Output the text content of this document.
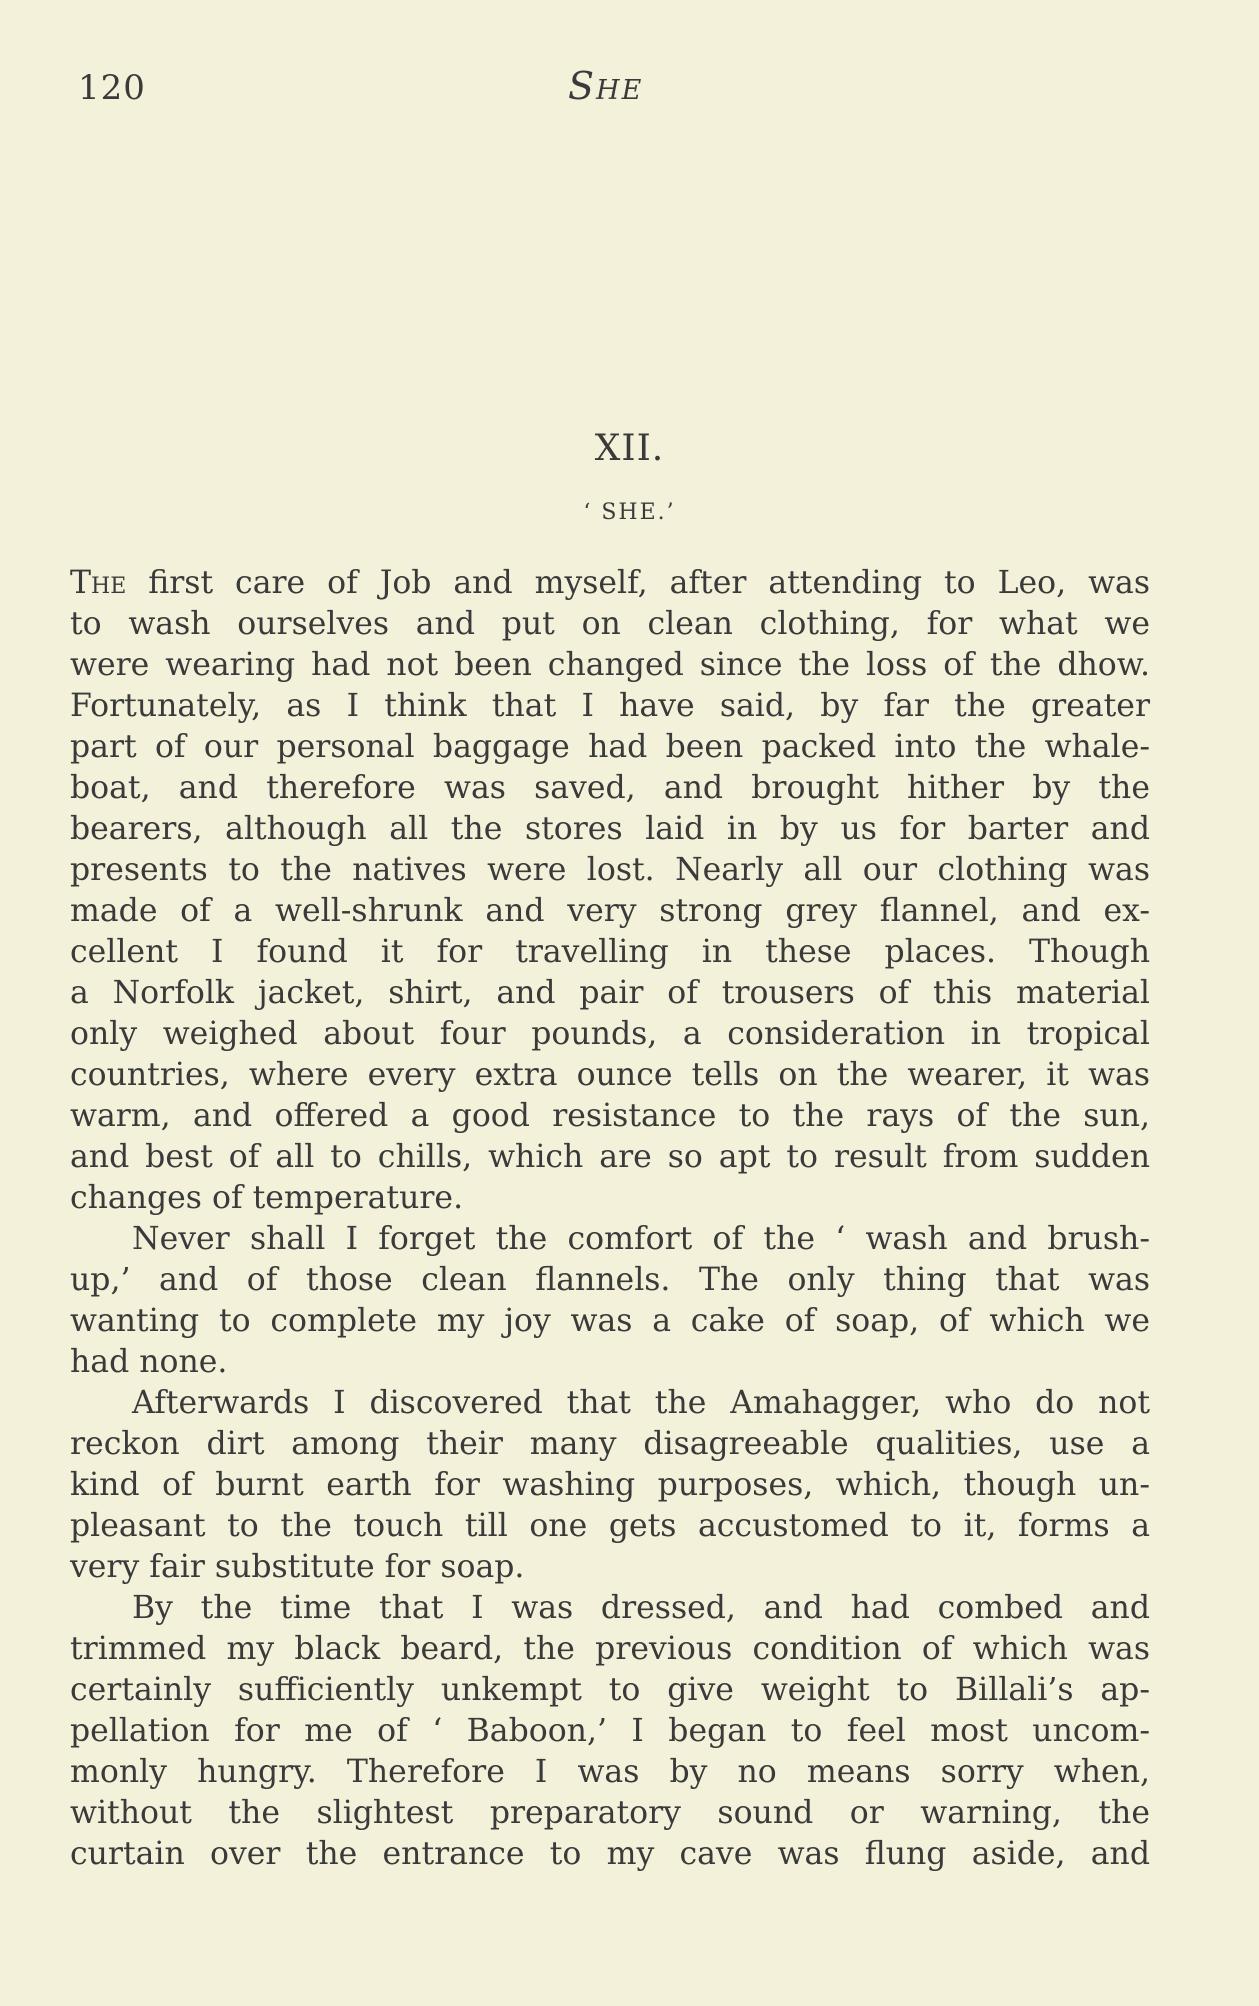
120	She
XII.
‘ SHE.’
The first care of Job and myself, after attending to Leo, was
to wash ourselves and put on clean clothing, for what we
were wearing had not been changed since the loss of the dhow.
Fortunately, as I think that I have said, by far the greater
part of our personal baggage had been packed into the whale-
boat, and therefore was saved, and brought hither by the
bearers, although all the stores laid in by us for barter and
presents to the natives were lost. Nearly all our clothing was
made of a well-shrunk and very strong grey flannel, and ex-
cellent I found it for travelling in these places. Though
a Norfolk jacket, shirt, and pair of trousers of this material
only weighed about four pounds, a consideration in tropical
countries, where every extra ounce tells on the wearer, it was
warm, and offered a good resistance to the rays of the sun,
and best of all to chills, which are so apt to result from sudden
changes of temperature.
Never shall I forget the comfort of the ‘ wash and brush-
up,’ and of those clean flannels. The only thing that was
wanting to complete my joy was a cake of soap, of which we
had none.
Afterwards I discovered that the Amahagger, who do not
reckon dirt among their many disagreeable qualities, use a
kind of burnt earth for washing purposes, which, though un-
pleasant to the touch till one gets accustomed to it, forms a
very fair substitute for soap.
By the time that I was dressed, and had combed and
trimmed my black beard, the previous condition of which was
certainly sufficiently unkempt to give weight to Billali’s ap-
pellation for me of ‘ Baboon,’ I began to feel most uncom-
monly hungry. Therefore I was by no means sorry when,
without the slightest preparatory sound or warning, the
curtain over the entrance to my cave was flung aside, and
